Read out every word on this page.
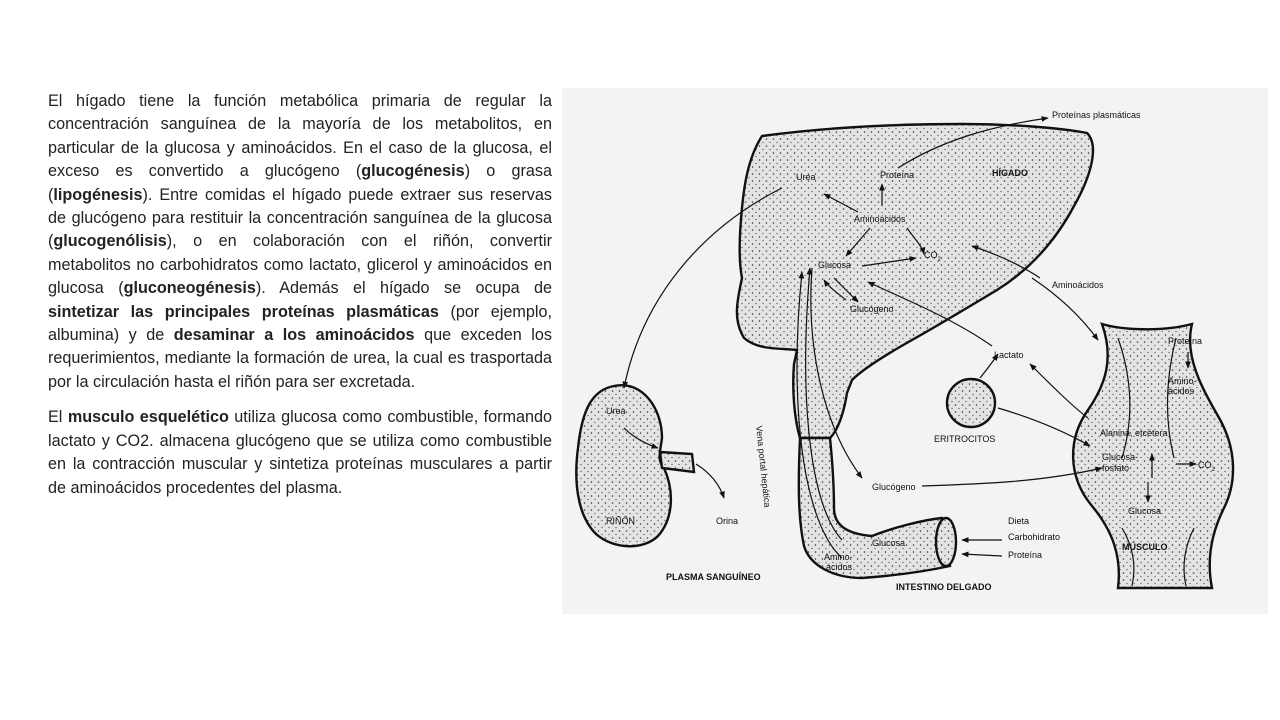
El hígado tiene la función metabólica primaria de regular la concentración sanguínea de la mayoría de los metabolitos, en particular de la glucosa y aminoácidos. En el caso de la glucosa, el exceso es convertido a glucógeno (glucogénesis) o grasa (lipogénesis). Entre comidas el hígado puede extraer sus reservas de glucógeno para restituir la concentración sanguínea de la glucosa (glucogenólisis), o en colaboración con el riñón, convertir metabolitos no carbohidratos como lactato, glicerol y aminoácidos en glucosa (gluconeogénesis). Además el hígado se ocupa de sintetizar las principales proteínas plasmáticas (por ejemplo, albumina) y de desaminar a los aminoácidos que exceden los requerimientos, mediante la formación de urea, la cual es trasportada por la circulación hasta el riñón para ser excretada.

El musculo esquelético utiliza glucosa como combustible, formando lactato y CO2. almacena glucógeno que se utiliza como combustible en la contracción muscular y sintetiza proteínas musculares a partir de aminoácidos procedentes del plasma.

Proteínas plasmáticas
HÍGADO
Urea	Proteína
Aminoácidos
$CO_2$
Glucosa
Glucógeno
Aminoácidos
Lactato
ERITROCITOS
Urea
RIÑÓN	Orina
Vena portal hepática	Glucógeno
Dieta
Carbohidrato
Proteína
Glucosa
Amino-
ácidos
PLASMA SANGUÍNEO
INTESTINO DELGADO
Proteína
Amino-
ácidos
Alanina, etcétera
Glucosa-
fosfato	$CO_2$
Glucosa
MÚSCULO
